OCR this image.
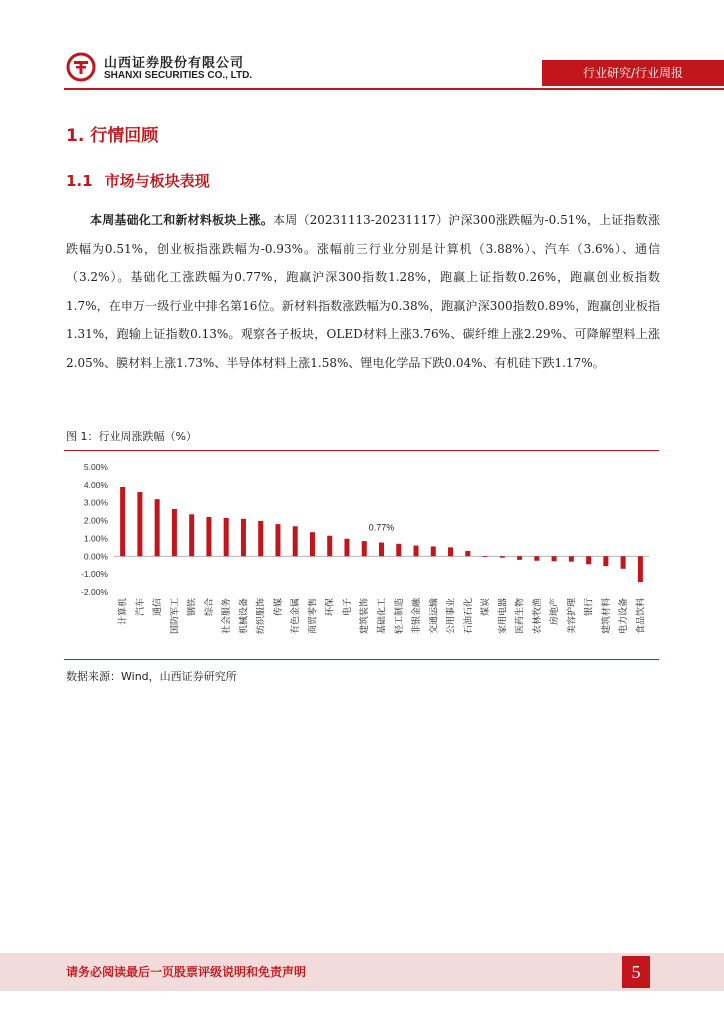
山西证券股份有限公司
SHANXI SECURITIES CO., LTD.	行业研究/行业周报
1. 行情回顾
1.1 市场与板块表现

本周基础化工和新材料板块上涨。本周（20231113-20231117）沪深300涨跌幅为-0.51%，上证指数涨跌幅为0.51%，创业板指涨跌幅为-0.93%。涨幅前三行业分别是计算机（3.88%）、汽车（3.6%）、通信（3.2%）。基础化工涨跌幅为0.77%，跑赢沪深300指数1.28%，跑赢上证指数0.26%，跑赢创业板指数1.7%，在申万一级行业中排名第16位。新材料指数涨跌幅为0.38%，跑赢沪深300指数0.89%，跑赢创业板指1.31%，跑输上证指数0.13%。观察各子板块，OLED材料上涨3.76%、碳纤维上涨2.29%、可降解塑料上涨2.05%、膜材料上涨1.73%、半导体材料上涨1.58%、锂电化学品下跌0.04%、有机硅下跌1.17%。

图 1：行业周涨跌幅（%）
5.00%
4.00%
3.00%
2.00%
1.00%
0.00%
-1.00%
-2.00%
计算机 汽车 通信 国防军工 钢铁 综合 社会服务 机械设备 纺织服饰 传媒 有色金属 商贸零售 环保 电子 建筑装饰 基础化工
0.77%
轻工制造 非银金融 交通运输 公用事业 石油石化 煤炭 家用电器 医药生物 农林牧渔 房地产 美容护理 银行 建筑材料 电力设备 食品饮料
数据来源：Wind，山西证券研究所
请务必阅读最后一页股票评级说明和免责声明	5
